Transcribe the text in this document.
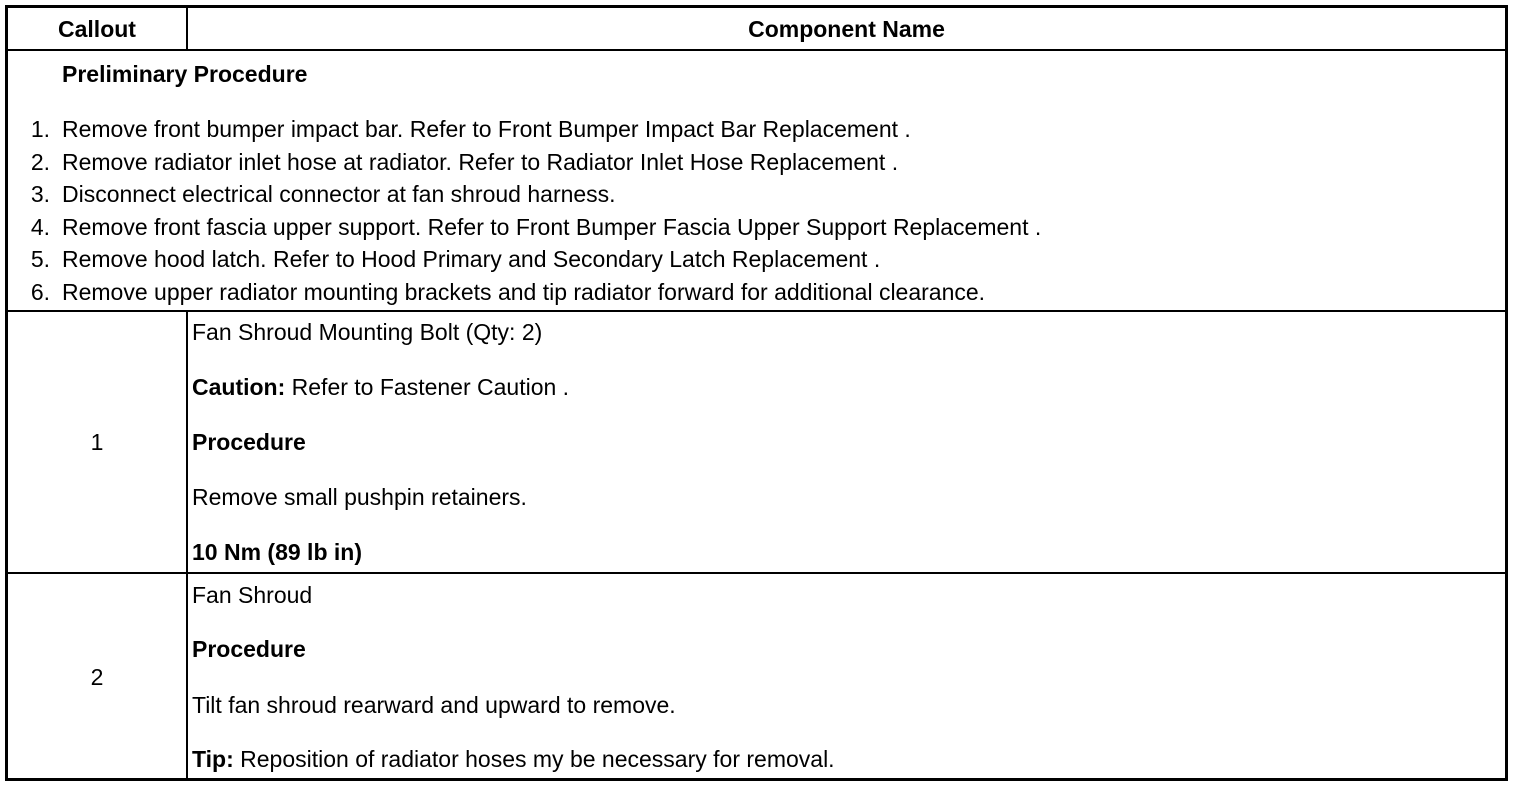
Callout	Component Name
Preliminary Procedure
1. Remove front bumper impact bar. Refer to Front Bumper Impact Bar Replacement .
2. Remove radiator inlet hose at radiator. Refer to Radiator Inlet Hose Replacement .
3. Disconnect electrical connector at fan shroud harness.
4. Remove front fascia upper support. Refer to Front Bumper Fascia Upper Support Replacement .
5. Remove hood latch. Refer to Hood Primary and Secondary Latch Replacement .
6. Remove upper radiator mounting brackets and tip radiator forward for additional clearance.
1
Fan Shroud Mounting Bolt (Qty: 2)
Caution: Refer to Fastener Caution .
Procedure
Remove small pushpin retainers.
10 Nm (89 lb in)
2
Fan Shroud
Procedure
Tilt fan shroud rearward and upward to remove.
Tip: Reposition of radiator hoses my be necessary for removal.
